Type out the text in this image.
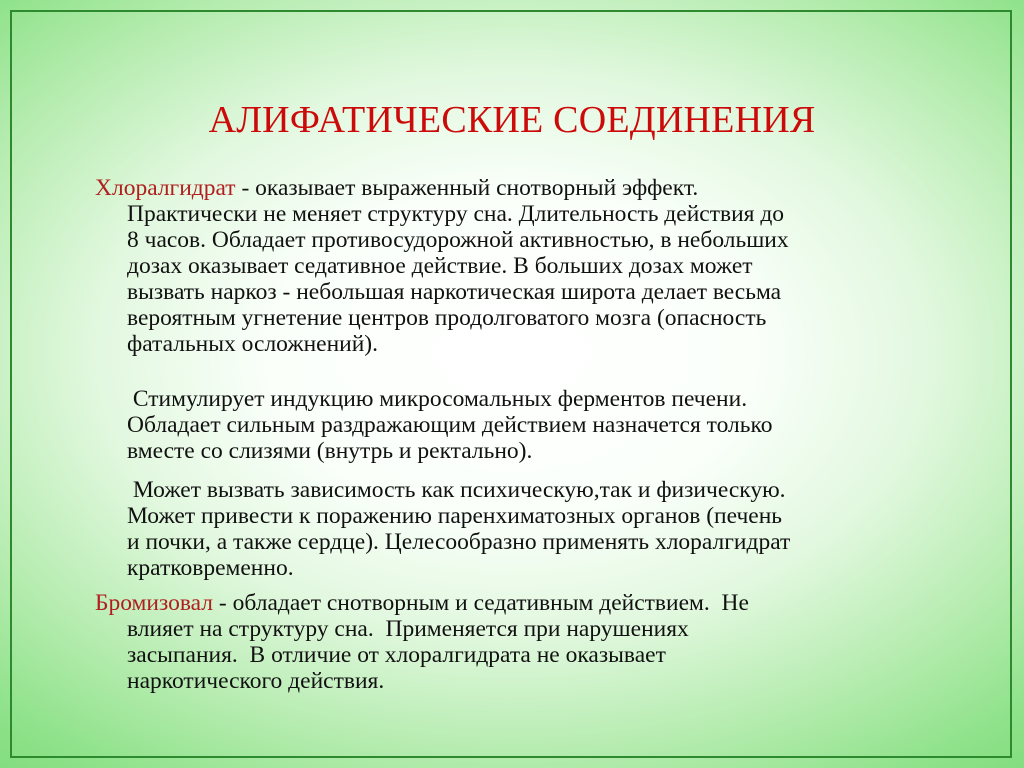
АЛИФАТИЧЕСКИЕ СОЕДИНЕНИЯ
Хлоралгидрат - оказывает выраженный снотворный эффект.
Практически не меняет структуру сна. Длительность действия до
8 часов. Обладает противосудорожной активностью, в небольших
дозах оказывает седативное действие. В больших дозах может
вызвать наркоз - небольшая наркотическая широта делает весьма
вероятным угнетение центров продолговатого мозга (опасность
фатальных осложнений).
Стимулирует индукцию микросомальных ферментов печени.
Обладает сильным раздражающим действием назначется только
вместе со слизями (внутрь и ректально).
Может вызвать зависимость как психическую,так и физическую.
Может привести к поражению паренхиматозных органов (печень
и почки, а также сердце). Целесообразно применять хлоралгидрат
кратковременно.
Бромизовал - обладает снотворным и седативным действием.  Не
влияет на структуру сна.  Применяется при нарушениях
засыпания.  В отличие от хлоралгидрата не оказывает
наркотического действия.
